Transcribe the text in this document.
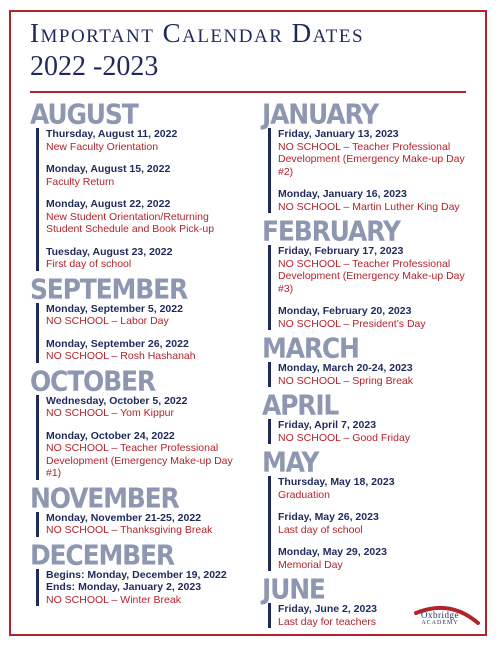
Important Calendar Dates
2022 -2023
AUGUST
Thursday, August 11, 2022
New Faculty Orientation
Monday, August 15, 2022
Faculty Return
Monday, August 22, 2022
New Student Orientation/Returning Student Schedule and Book Pick-up
Tuesday, August 23, 2022
First day of school
SEPTEMBER
Monday, September 5, 2022
NO SCHOOL – Labor Day
Monday, September 26, 2022
NO SCHOOL – Rosh Hashanah
OCTOBER
Wednesday, October 5, 2022
NO SCHOOL – Yom Kippur
Monday, October 24, 2022
NO SCHOOL – Teacher Professional Development (Emergency Make-up Day #1)
NOVEMBER
Monday, November 21-25, 2022
NO SCHOOL – Thanksgiving Break
DECEMBER
Begins: Monday, December 19, 2022
Ends: Monday, January 2, 2023
NO SCHOOL – Winter Break
JANUARY
Friday, January 13, 2023
NO SCHOOL – Teacher Professional Development (Emergency Make-up Day #2)
Monday, January 16, 2023
NO SCHOOL – Martin Luther King Day
FEBRUARY
Friday, February 17, 2023
NO SCHOOL – Teacher Professional Development (Emergency Make-up Day #3)
Monday, February 20, 2023
NO SCHOOL – President’s Day
MARCH
Monday, March 20-24, 2023
NO SCHOOL – Spring Break
APRIL
Friday, April 7, 2023
NO SCHOOL – Good Friday
MAY
Thursday, May 18, 2023
Graduation
Friday, May 26, 2023
Last day of school
Monday, May 29, 2023
Memorial Day
JUNE
Friday, June 2, 2023
Last day for teachers
Oxbridge
ACADEMY
